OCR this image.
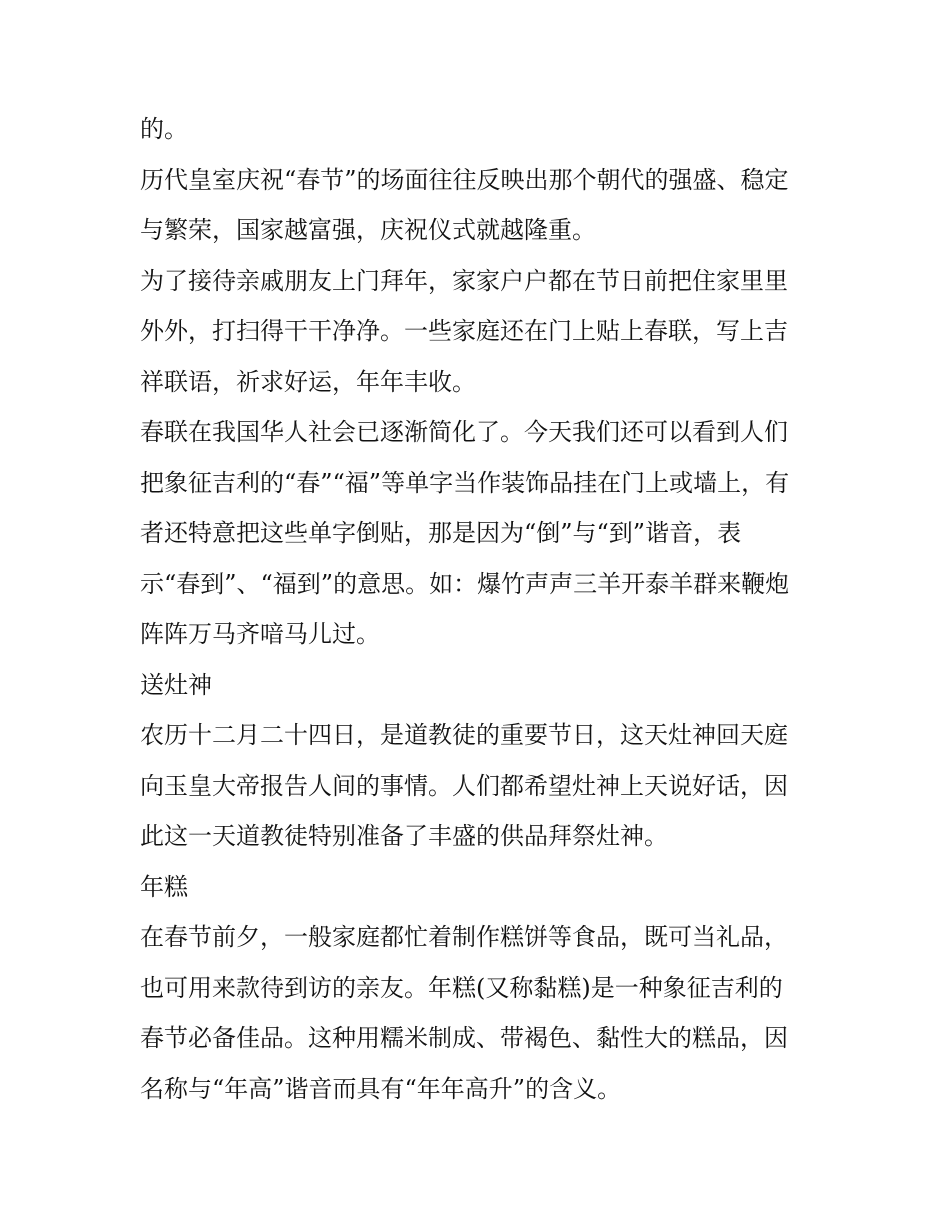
的。
历代皇室庆祝“春节”的场面往往反映出那个朝代的强盛、稳定
与繁荣，国家越富强，庆祝仪式就越隆重。
为了接待亲戚朋友上门拜年，家家户户都在节日前把住家里里
外外，打扫得干干净净。一些家庭还在门上贴上春联，写上吉
祥联语，祈求好运，年年丰收。
春联在我国华人社会已逐渐简化了。今天我们还可以看到人们
把象征吉利的“春”“福”等单字当作装饰品挂在门上或墙上，有
者还特意把这些单字倒贴，那是因为“倒”与“到”谐音，表
示“春到”、“福到”的意思。如：爆竹声声三羊开泰羊群来鞭炮
阵阵万马齐喑马儿过。
送灶神
农历十二月二十四日，是道教徒的重要节日，这天灶神回天庭
向玉皇大帝报告人间的事情。人们都希望灶神上天说好话，因
此这一天道教徒特别准备了丰盛的供品拜祭灶神。
年糕
在春节前夕，一般家庭都忙着制作糕饼等食品，既可当礼品，
也可用来款待到访的亲友。年糕(又称黏糕)是一种象征吉利的
春节必备佳品。这种用糯米制成、带褐色、黏性大的糕品，因
名称与“年高”谐音而具有“年年高升”的含义。
